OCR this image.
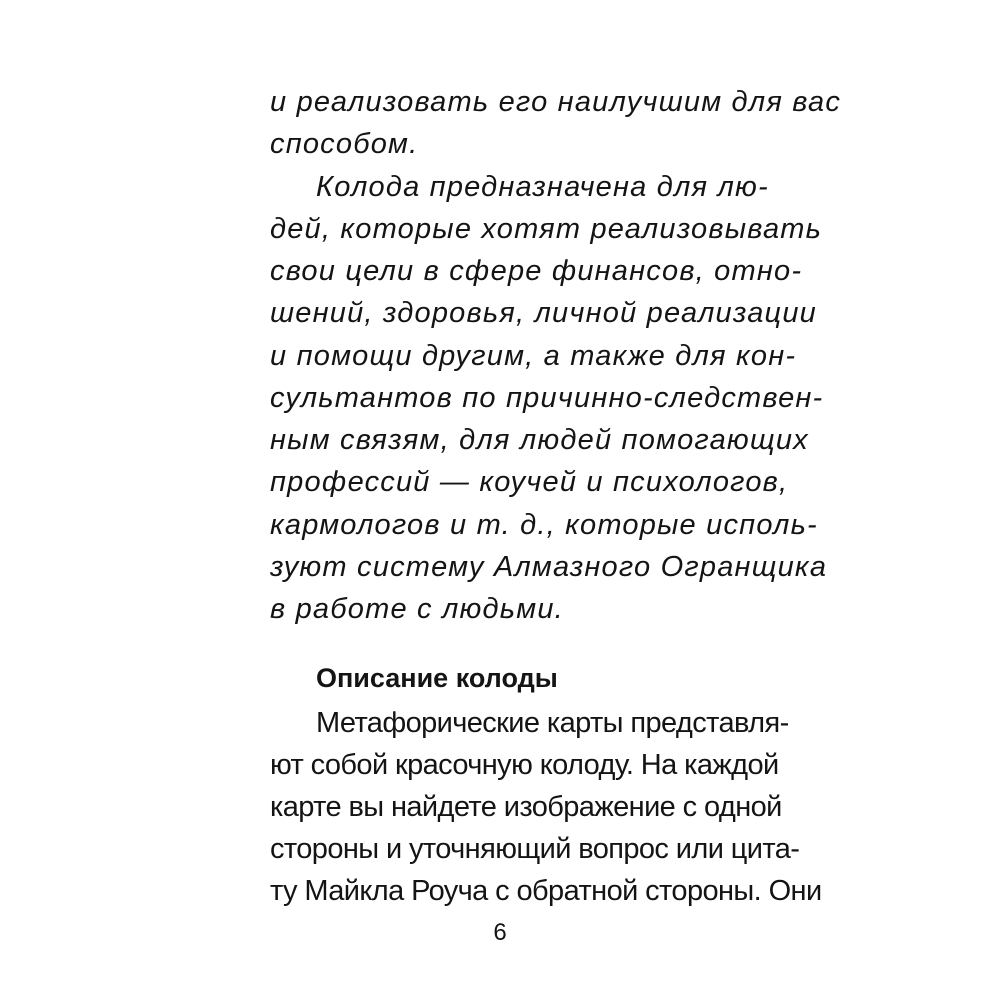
и реализовать его наилучшим для вас
способом.
Колода предназначена для лю-
дей, которые хотят реализовывать
свои цели в сфере финансов, отно-
шений, здоровья, личной реализации
и помощи другим, а также для кон-
сультантов по причинно-следствен-
ным связям, для людей помогающих
профессий — коучей и психологов,
кармологов и т. д., которые исполь-
зуют систему Алмазного Огранщика
в работе с людьми.
Описание колоды
Метафорические карты представля-
ют собой красочную колоду. На каждой
карте вы найдете изображение с одной
стороны и уточняющий вопрос или цита-
ту Майкла Роуча с обратной стороны. Они
6
